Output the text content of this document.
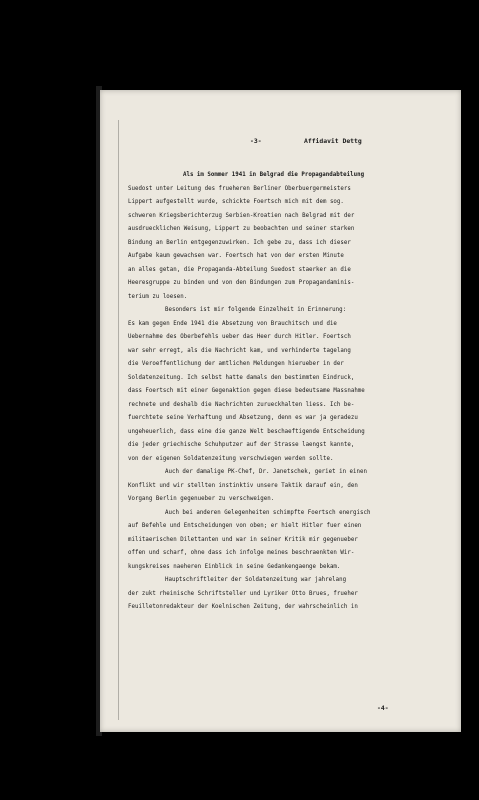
-3-	Affidavit Dettg
Als im Sommer 1941 in Belgrad die Propagandabteilung
Suedost unter Leitung des frueheren Berliner Oberbuergermeisters
Lippert aufgestellt wurde, schickte Foertsch mich mit dem sog.
schweren Kriegsberichterzug Serbien-Kroatien nach Belgrad mit der
ausdruecklichen Weisung, Lippert zu beobachten und seiner starken
Bindung an Berlin entgegenzuwirken. Ich gebe zu, dass ich dieser
Aufgabe kaum gewachsen war. Foertsch hat von der ersten Minute
an alles getan, die Propaganda-Abteilung Suedost staerker an die
Heeresgruppe zu binden und von den Bindungen zum Propagandaminis-
terium zu loesen.
Besonders ist mir folgende Einzelheit in Erinnerung:
Es kam gegen Ende 1941 die Absetzung von Brauchitsch und die
Uebernahme des Oberbefehls ueber das Heer durch Hitler. Foertsch
war sehr erregt, als die Nachricht kam, und verhinderte tagelang
die Veroeffentlichung der amtlichen Meldungen hierueber in der
Soldatenzeitung. Ich selbst hatte damals den bestimmten Eindruck,
dass Foertsch mit einer Gegenaktion gegen diese bedeutsame Massnahme
rechnete und deshalb die Nachrichten zurueckhalten liess. Ich be-
fuerchtete seine Verhaftung und Absetzung, denn es war ja geradezu
ungeheuerlich, dass eine die ganze Welt beschaeftigende Entscheidung
die jeder griechische Schuhputzer auf der Strasse laengst kannte,
von der eigenen Soldatenzeitung verschwiegen werden sollte.
Auch der damalige PK-Chef, Dr. Janetschek, geriet in einen
Konflikt und wir stellten instinktiv unsere Taktik darauf ein, den
Vorgang Berlin gegenueber zu verschweigen.
Auch bei anderen Gelegenheiten schimpfte Foertsch energisch
auf Befehle und Entscheidungen von oben; er hielt Hitler fuer einen
militaerischen Dilettanten und war in seiner Kritik mir gegenueber
offen und scharf, ohne dass ich infolge meines beschraenkten Wir-
kungskreises naeheren Einblick in seine Gedankengaenge bekam.
Hauptschriftleiter der Soldatenzeitung war jahrelang
der zukt rheinische Schriftsteller und Lyriker Otto Brues, frueher
Feuilletonredakteur der Koelnischen Zeitung, der wahrscheinlich in
-4-
